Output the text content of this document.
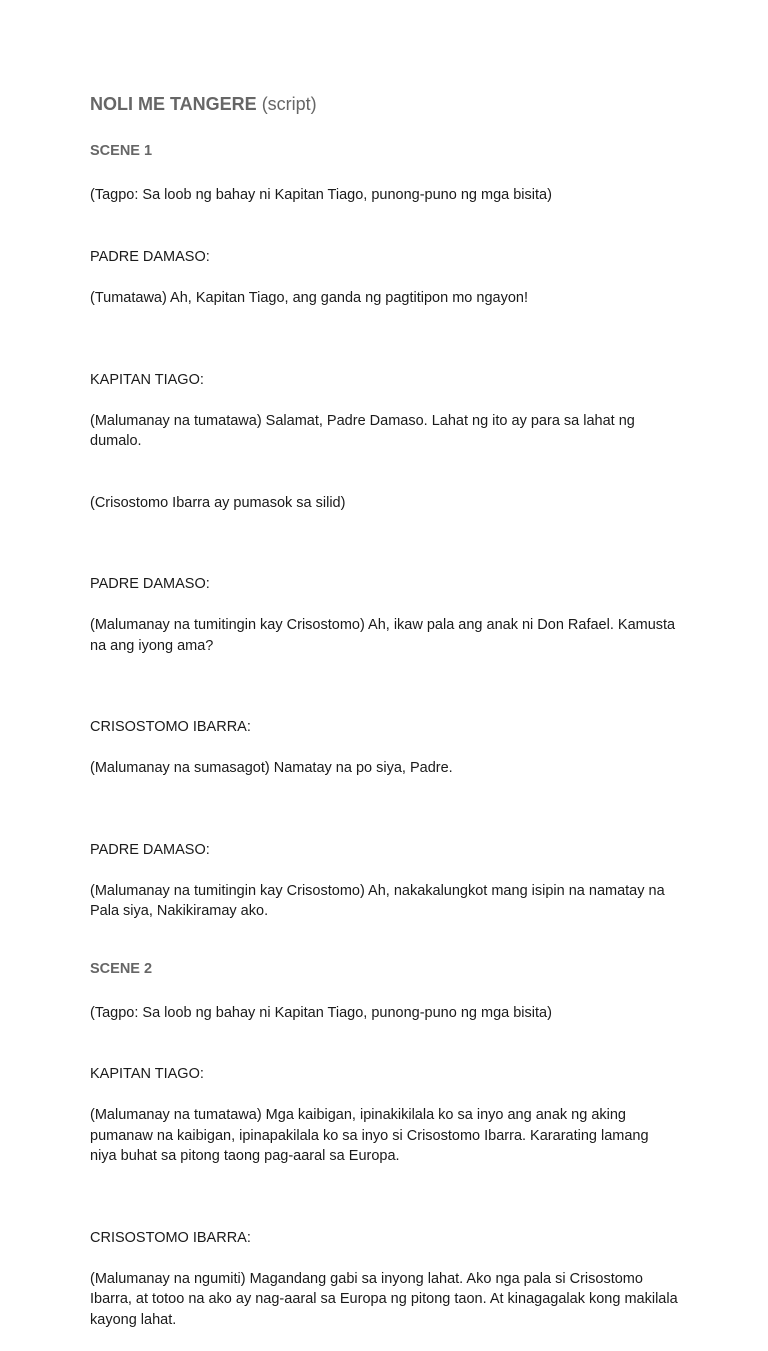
NOLI ME TANGERE (script)

SCENE 1

(Tagpo: Sa loob ng bahay ni Kapitan Tiago, punong-puno ng mga bisita)

PADRE DAMASO:

(Tumatawa) Ah, Kapitan Tiago, ang ganda ng pagtitipon mo ngayon!

KAPITAN TIAGO:

(Malumanay na tumatawa) Salamat, Padre Damaso. Lahat ng ito ay para sa lahat ng dumalo.

(Crisostomo Ibarra ay pumasok sa silid)

PADRE DAMASO:

(Malumanay na tumitingin kay Crisostomo) Ah, ikaw pala ang anak ni Don Rafael. Kamusta na ang iyong ama?

CRISOSTOMO IBARRA:

(Malumanay na sumasagot) Namatay na po siya, Padre.

PADRE DAMASO:

(Malumanay na tumitingin kay Crisostomo) Ah, nakakalungkot mang isipin na namatay na Pala siya, Nakikiramay ako.

SCENE 2

(Tagpo: Sa loob ng bahay ni Kapitan Tiago, punong-puno ng mga bisita)

KAPITAN TIAGO:

(Malumanay na tumatawa) Mga kaibigan, ipinakikilala ko sa inyo ang anak ng aking pumanaw na kaibigan, ipinapakilala ko sa inyo si Crisostomo Ibarra. Kararating lamang niya buhat sa pitong taong pag-aaral sa Europa.

CRISOSTOMO IBARRA:

(Malumanay na ngumiti) Magandang gabi sa inyong lahat. Ako nga pala si Crisostomo Ibarra, at totoo na ako ay nag-aaral sa Europa ng pitong taon. At kinagagalak kong makilala kayong lahat.
